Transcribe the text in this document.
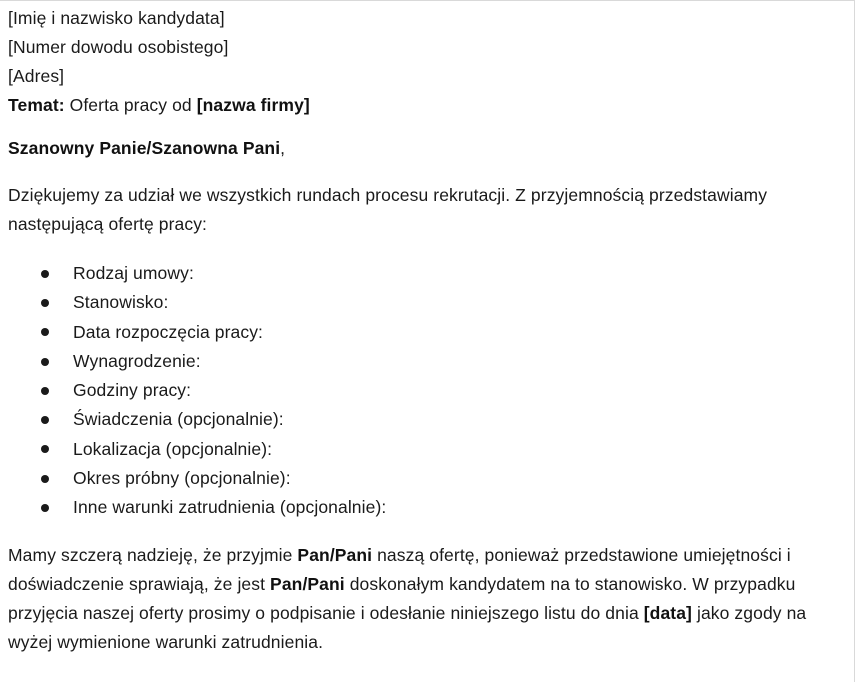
[Imię i nazwisko kandydata]
[Numer dowodu osobistego]
[Adres]
Temat: Oferta pracy od [nazwa firmy]
Szanowny Panie/Szanowna Pani,

Dziękujemy za udział we wszystkich rundach procesu rekrutacji. Z przyjemnością przedstawiamy następującą ofertę pracy:

Rodzaj umowy:
Stanowisko:
Data rozpoczęcia pracy:
Wynagrodzenie:
Godziny pracy:
Świadczenia (opcjonalnie):
Lokalizacja (opcjonalnie):
Okres próbny (opcjonalnie):
Inne warunki zatrudnienia (opcjonalnie):

Mamy szczerą nadzieję, że przyjmie Pan/Pani naszą ofertę, ponieważ przedstawione umiejętności i doświadczenie sprawiają, że jest Pan/Pani doskonałym kandydatem na to stanowisko. W przypadku przyjęcia naszej oferty prosimy o podpisanie i odesłanie niniejszego listu do dnia [data] jako zgody na wyżej wymienione warunki zatrudnienia.
